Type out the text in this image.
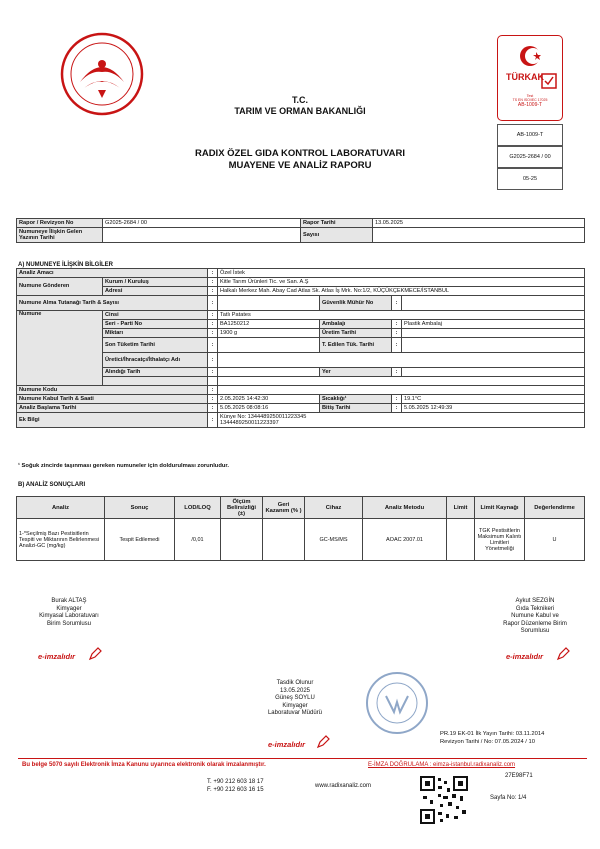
T.C.
TARIM VE ORMAN BAKANLIĞI
RADIX ÖZEL GIDA KONTROL LABORATUVARI
MUAYENE VE ANALİZ RAPORU
TÜRKAK
Test
TS EN ISO/IEC 17025
AB-1009-T
AB-1009-T
G2025-2684 / 00
05-25
Rapor / Revizyon No	G2025-2684 / 00	Rapor Tarihi	13.05.2025
Numuneye İlişkin Gelen Yazının Tarihi		Sayısı	
A) NUMUNEYE İLİŞKİN BİLGİLER
Analiz Amacı		:	Özel İstek			
Numune Gönderen	Kurum / Kuruluş	:	Kitle Tarım Ürünleri Tic. ve San. A.Ş			
	Adresi	:	Halkalı Merkez Mah. Abay Cad Atlas Sk. Atlas İş Mrk. No:1/2, KÜÇÜKÇEKMECE/İSTANBUL			
Numune Alma Tutanağı Tarih & Sayısı		:		Güvenlik Mühür No	:	
Numune	Cinsi	:	Tatlı Patates			
	Seri - Parti No	:	BA1250212	Ambalajı	:	Plastik Ambalaj
	Miktarı	:	1900 g	Üretim Tarihi	:	
	Son Tüketim Tarihi	:		T. Edilen Tük. Tarihi	:	
	Üretici/İhracatçı/İthalatçı Adı	:				
	Alındığı Tarih	:		Yer	:	

Numune Kodu		:				
Numune Kabul Tarih & Saati		:	2.05.2025 14:42:30	Sıcaklığı¹	:	19.1°C
Analiz Başlama Tarihi		:	5.05.2025 08:08:16	Bitiş Tarihi	:	5.05.2025 12:49:39
Ek Bilgi		:	Künye No: 1344489250011223345
1344489250011223397			
¹ Soğuk zincirde taşınması gereken numuneler için doldurulması zorunludur.
B) ANALİZ SONUÇLARI
Analiz	Sonuç	LOD/LOQ	Ölçüm Belirsizliği (±)	Geri Kazanım (% )	Cihaz	Analiz Metodu	Limit	Limit Kaynağı	Değerlendirme
1-*Seçilmiş Bazı Pestisitlerin Tespiti ve Miktarının Belirlenmesi Analizi-GC (mg/kg)	Tespit Edilemedi	/0,01			GC-MS/MS	AOAC 2007.01		TGK Pestisitlerin Maksimum Kalıntı Limitleri Yönetmeliği	U
Burak ALTAŞ
Kimyager
Kimyasal Laboratuvarı
Birim Sorumlusu
e-imzalıdır
Aykut SEZGİN
Gıda Teknikeri
Numune Kabul ve
Rapor Düzenleme Birim
Sorumlusu
e-imzalıdır
Tasdik Olunur
13.05.2025
Güneş SOYLU
Kimyager
Laboratuvar Müdürü
e-imzalıdır
PR.19 EK-01 İlk Yayın Tarihi: 03.11.2014
Revizyon Tarihi / No: 07.05.2024 / 10
Bu belge 5070 sayılı Elektronik İmza Kanunu uyarınca elektronik olarak imzalanmıştır.	E-İMZA DOĞRULAMA : eimza-istanbul.radixanaliz.com
27E98F71
T. +90 212 603 18 17
F. +90 212 603 16 15
www.radixanaliz.com
Sayfa No: 1/4
